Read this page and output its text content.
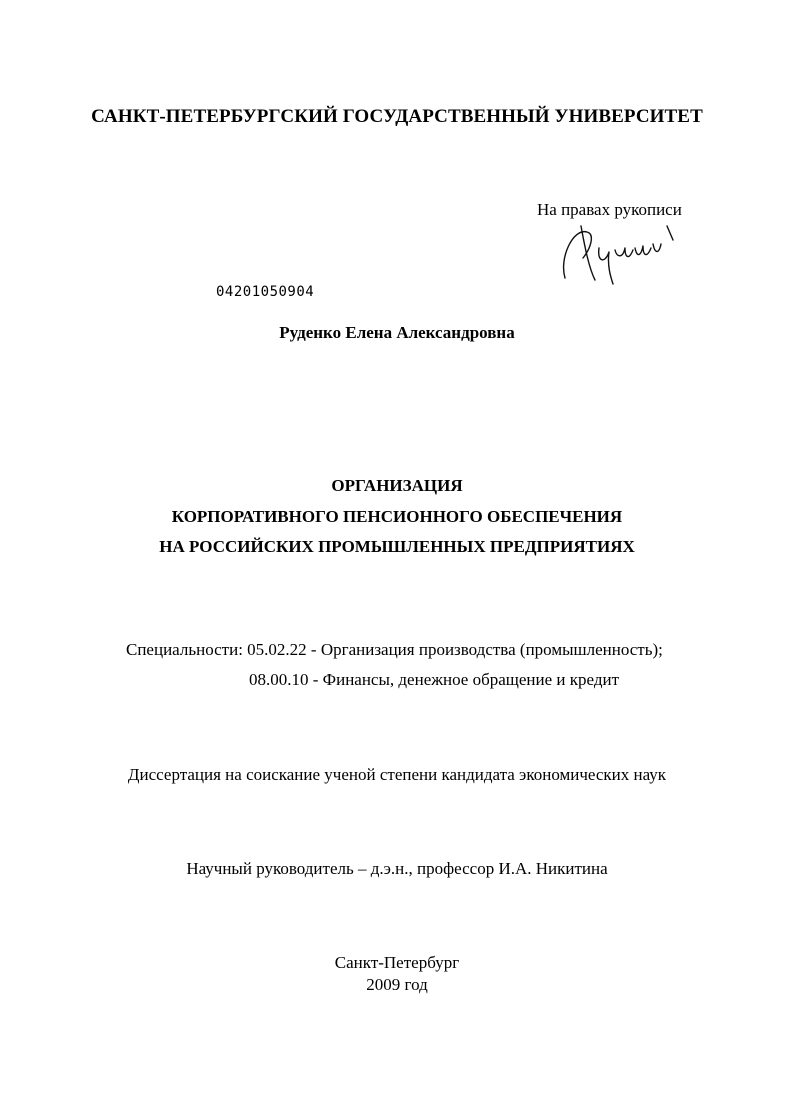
САНКТ-ПЕТЕРБУРГСКИЙ ГОСУДАРСТВЕННЫЙ УНИВЕРСИТЕТ
На правах рукописи
04201050904
Руденко Елена Александровна
ОРГАНИЗАЦИЯ
КОРПОРАТИВНОГО ПЕНСИОННОГО ОБЕСПЕЧЕНИЯ
НА РОССИЙСКИХ ПРОМЫШЛЕННЫХ ПРЕДПРИЯТИЯХ
Специальности: 05.02.22 - Организация производства (промышленность);
08.00.10 - Финансы, денежное обращение и кредит
Диссертация на соискание ученой степени кандидата экономических наук
Научный руководитель – д.э.н., профессор И.А. Никитина
Санкт-Петербург
2009 год
